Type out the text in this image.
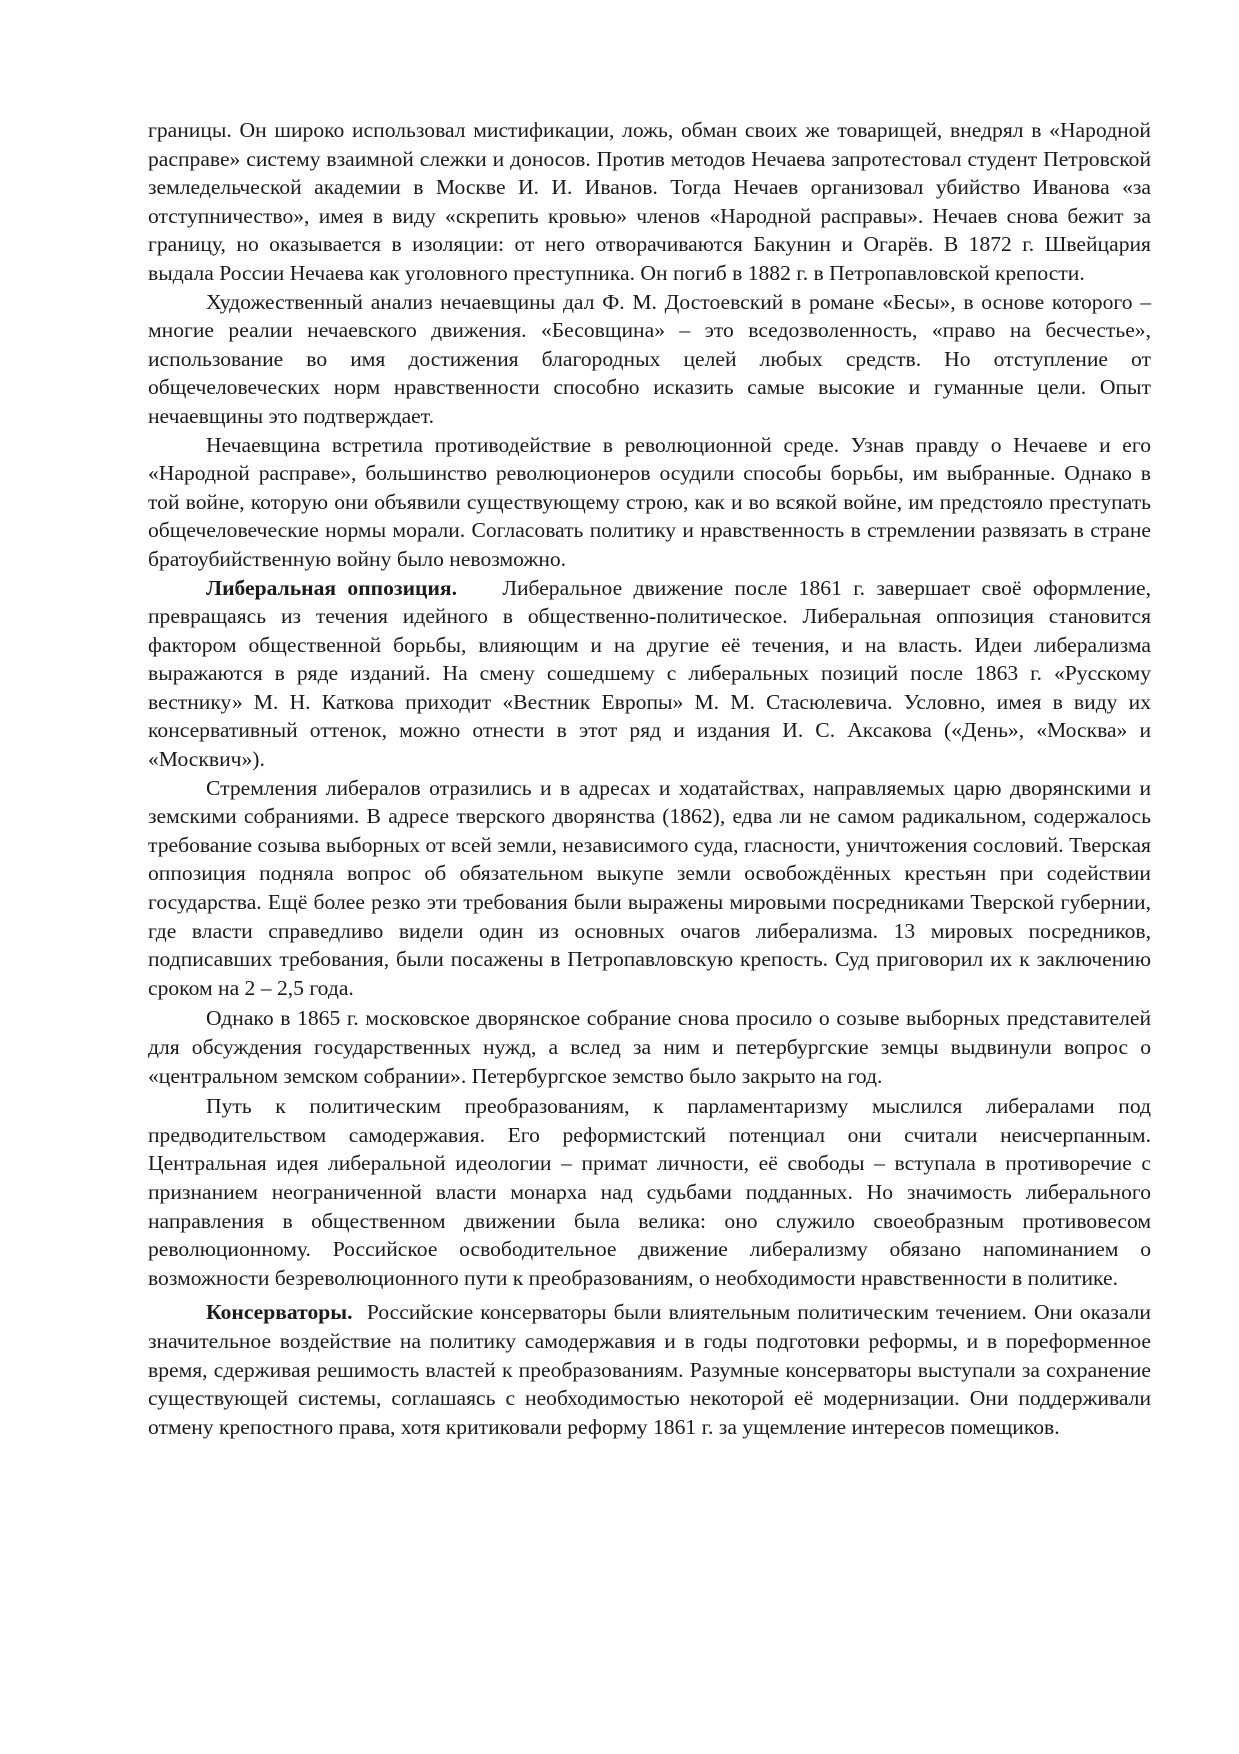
границы. Он широко использовал мистификации, ложь, обман своих же товарищей, внедрял в «Народной расправе» систему взаимной слежки и доносов. Против методов Нечаева запротестовал студент Петровской земледельческой академии в Москве И. И. Иванов. Тогда Нечаев организовал убийство Иванова «за отступничество», имея в виду «скрепить кровью» членов «Народной расправы». Нечаев снова бежит за границу, но оказывается в изоляции: от него отворачиваются Бакунин и Огарёв. В 1872 г. Швейцария выдала России Нечаева как уголовного преступника. Он погиб в 1882 г. в Петропавловской крепости.

Художественный анализ нечаевщины дал Ф. М. Достоевский в романе «Бесы», в основе которого – многие реалии нечаевского движения. «Бесовщина» – это вседозволенность, «право на бесчестье», использование во имя достижения благородных целей любых средств. Но отступление от общечеловеческих норм нравственности способно исказить самые высокие и гуманные цели. Опыт нечаевщины это подтверждает.

Нечаевщина встретила противодействие в революционной среде. Узнав правду о Нечаеве и его «Народной расправе», большинство революционеров осудили способы борьбы, им выбранные. Однако в той войне, которую они объявили существующему строю, как и во всякой войне, им предстояло преступать общечеловеческие нормы морали. Согласовать политику и нравственность в стремлении развязать в стране братоубийственную войну было невозможно.

Либеральная оппозиция. Либеральное движение после 1861 г. завершает своё оформление, превращаясь из течения идейного в общественно-политическое. Либеральная оппозиция становится фактором общественной борьбы, влияющим и на другие её течения, и на власть. Идеи либерализма выражаются в ряде изданий. На смену сошедшему с либеральных позиций после 1863 г. «Русскому вестнику» М. Н. Каткова приходит «Вестник Европы» М. М. Стасюлевича. Условно, имея в виду их консервативный оттенок, можно отнести в этот ряд и издания И. С. Аксакова («День», «Москва» и «Москвич»).

Стремления либералов отразились и в адресах и ходатайствах, направляемых царю дворянскими и земскими собраниями. В адресе тверского дворянства (1862), едва ли не самом радикальном, содержалось требование созыва выборных от всей земли, независимого суда, гласности, уничтожения сословий. Тверская оппозиция подняла вопрос об обязательном выкупе земли освобождённых крестьян при содействии государства. Ещё более резко эти требования были выражены мировыми посредниками Тверской губернии, где власти справедливо видели один из основных очагов либерализма. 13 мировых посредников, подписавших требования, были посажены в Петропавловскую крепость. Суд приговорил их к заключению сроком на 2 – 2,5 года.

Однако в 1865 г. московское дворянское собрание снова просило о созыве выборных представителей для обсуждения государственных нужд, а вслед за ним и петербургские земцы выдвинули вопрос о «центральном земском собрании». Петербургское земство было закрыто на год.

Путь к политическим преобразованиям, к парламентаризму мыслился либералами под предводительством самодержавия. Его реформистский потенциал они считали неисчерпанным. Центральная идея либеральной идеологии – примат личности, её свободы – вступала в противоречие с признанием неограниченной власти монарха над судьбами подданных. Но значимость либерального направления в общественном движении была велика: оно служило своеобразным противовесом революционному. Российское освободительное движение либерализму обязано напоминанием о возможности безреволюционного пути к преобразованиям, о необходимости нравственности в политике.

Консерваторы. Российские консерваторы были влиятельным политическим течением. Они оказали значительное воздействие на политику самодержавия и в годы подготовки реформы, и в пореформенное время, сдерживая решимость властей к преобразованиям. Разумные консерваторы выступали за сохранение существующей системы, соглашаясь с необходимостью некоторой её модернизации. Они поддерживали отмену крепостного права, хотя критиковали реформу 1861 г. за ущемление интересов помещиков.
